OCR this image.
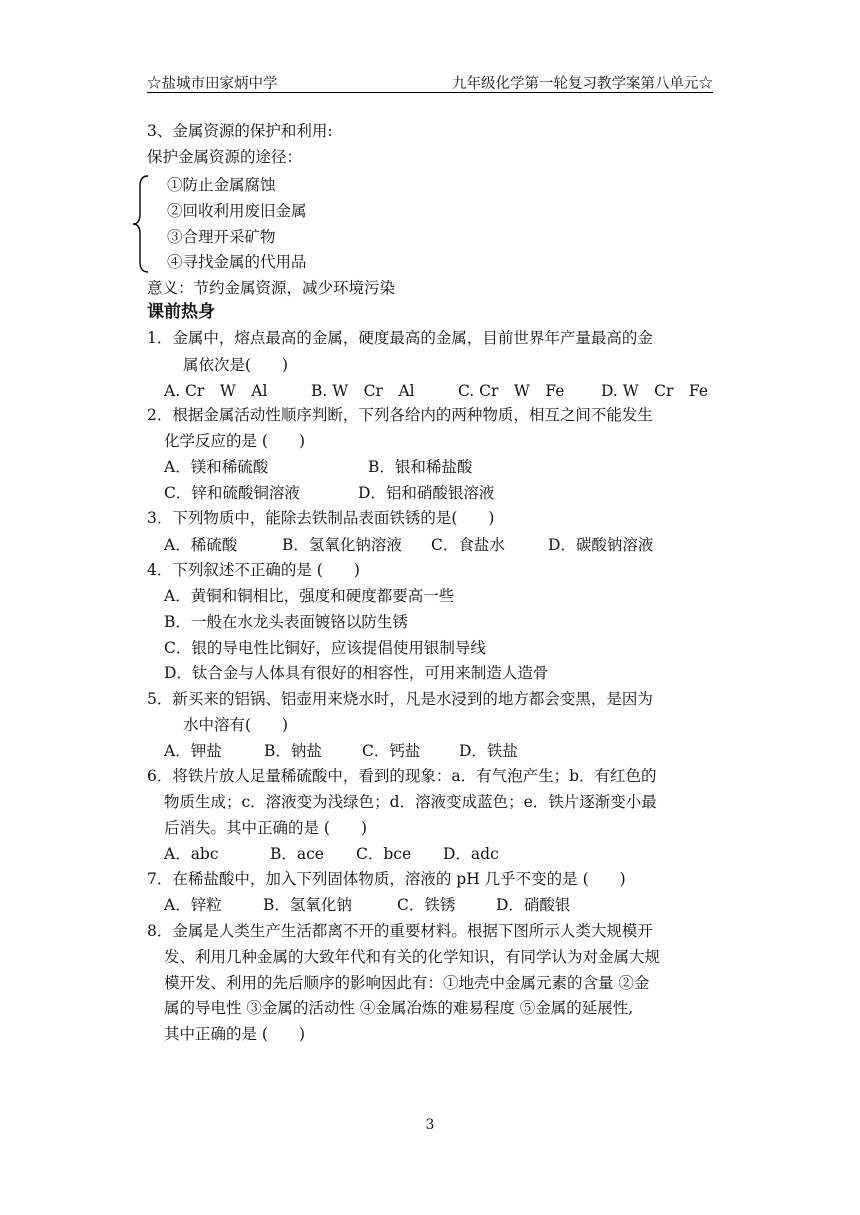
☆盐城市田家炳中学	九年级化学第一轮复习教学案第八单元☆
3、金属资源的保护和利用:
保护金属资源的途径：
①防止金属腐蚀
②回收利用废旧金属
③合理开采矿物
④寻找金属的代用品
意义：节约金属资源，减少环境污染
课前热身
1．金属中，熔点最高的金属，硬度最高的金属，目前世界年产量最高的金
属依次是(　　)
A. Cr　W　Al	B. W　Cr　Al	C. Cr　W　Fe D. W　Cr　Fe
2．根据金属活动性顺序判断，下列各给内的两种物质，相互之间不能发生
化学反应的是 (　　)
A．镁和稀硫酸	B．银和稀盐酸
C．锌和硫酸铜溶液	D．铝和硝酸银溶液
3．下列物质中，能除去铁制品表面铁锈的是(　　)
A．稀硫酸	B．氢氧化钠溶液 C．食盐水	D．碳酸钠溶液
4．下列叙述不正确的是 (　　)
A．黄铜和铜相比，强度和硬度都要高一些
B．一般在水龙头表面镀铬以防生锈
C．银的导电性比铜好，应该提倡使用银制导线
D．钛合金与人体具有很好的相容性，可用来制造人造骨
5．新买来的铝锅、铝壶用来烧水时，凡是水浸到的地方都会变黑，是因为
水中溶有(　　)
A．钾盐	B．钠盐	C．钙盐 D．铁盐
6．将铁片放人足量稀硫酸中，看到的现象：a．有气泡产生；b．有红色的
物质生成；c．溶液变为浅绿色；d．溶液变成蓝色；e．铁片逐渐变小最
后消失。其中正确的是 (　　)
A．abc	B．ace C．bce D．adc
7．在稀盐酸中，加入下列固体物质，溶液的 pH 几乎不变的是 (　　)
A．锌粒	B．氢氧化钠	C．铁锈	D．硝酸银
8．金属是人类生产生活都离不开的重要材料。根据下图所示人类大规模开
发、利用几种金属的大致年代和有关的化学知识，有同学认为对金属大规
模开发、利用的先后顺序的影响因此有：①地壳中金属元素的含量 ②金
属的导电性 ③金属的活动性 ④金属冶炼的难易程度 ⑤金属的延展性,
其中正确的是 (　　)
3
